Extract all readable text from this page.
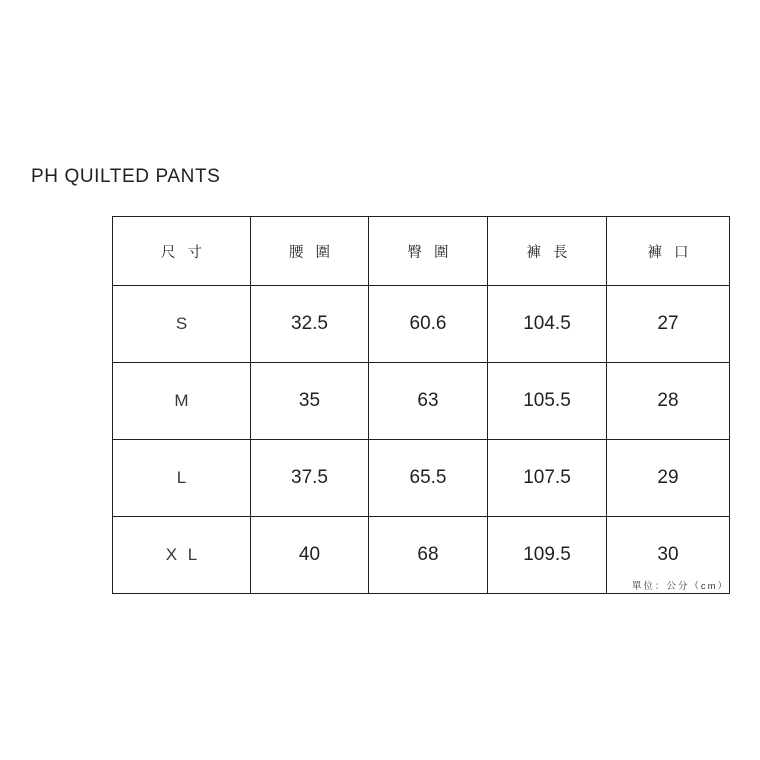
PH QUILTED PANTS
尺 寸	腰 圍	臀 圍	褲 長	褲 口
S	32.5	60.6	104.5	27
M	35	63	105.5	28
L	37.5	65.5	107.5	29
X L	40	68	109.5	30
單位：公分（cm）
